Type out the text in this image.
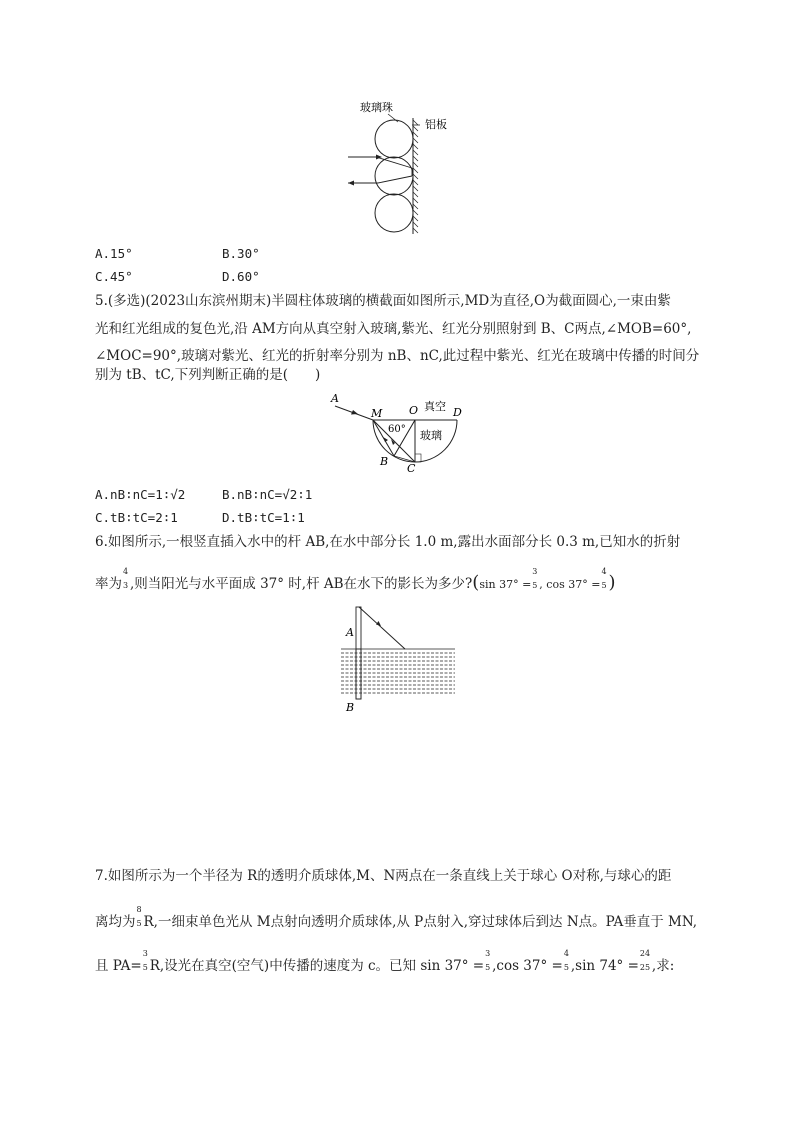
玻璃珠
铝板
A.15°	B.30°
C.45°	D.60°
5.(多选)(2023山东滨州期末)半圆柱体玻璃的横截面如图所示,MD为直径,O为截面圆心,一束由紫
光和红光组成的复色光,沿 AM方向从真空射入玻璃,紫光、红光分别照射到 B、C两点,∠MOB=60°,
∠MOC=90°,玻璃对紫光、红光的折射率分别为 nB、nC,此过程中紫光、红光在玻璃中传播的时间分
别为 tB、tC,下列判断正确的是(　　)
A
M O 真空 D
60° 玻璃
B
C
A.nB∶nC=1∶√2	B.nB∶nC=√2∶1
C.tB∶tC=2∶1	D.tB∶tC=1∶1
6.如图所示,一根竖直插入水中的杆 AB,在水中部分长 1.0 m,露出水面部分长 0.3 m,已知水的折射
率为
4
3 ,则当阳光与水平面成 37° 时,杆 AB在水下的影长为多少?(sin 37° =
3
5 , cos 37° =
4
5 )
A
B
7.如图所示为一个半径为 R的透明介质球体,M、N两点在一条直线上关于球心 O对称,与球心的距
离均为
8
5 R,一细束单色光从 M点射向透明介质球体,从 P点射入,穿过球体后到达 N点。PA垂直于 MN,
且 PA=
3
5 R,设光在真空(空气)中传播的速度为 c。已知 sin 37° =
3
5 ,cos 37° =
4
5 ,sin 74° =
24
25 ,求:
